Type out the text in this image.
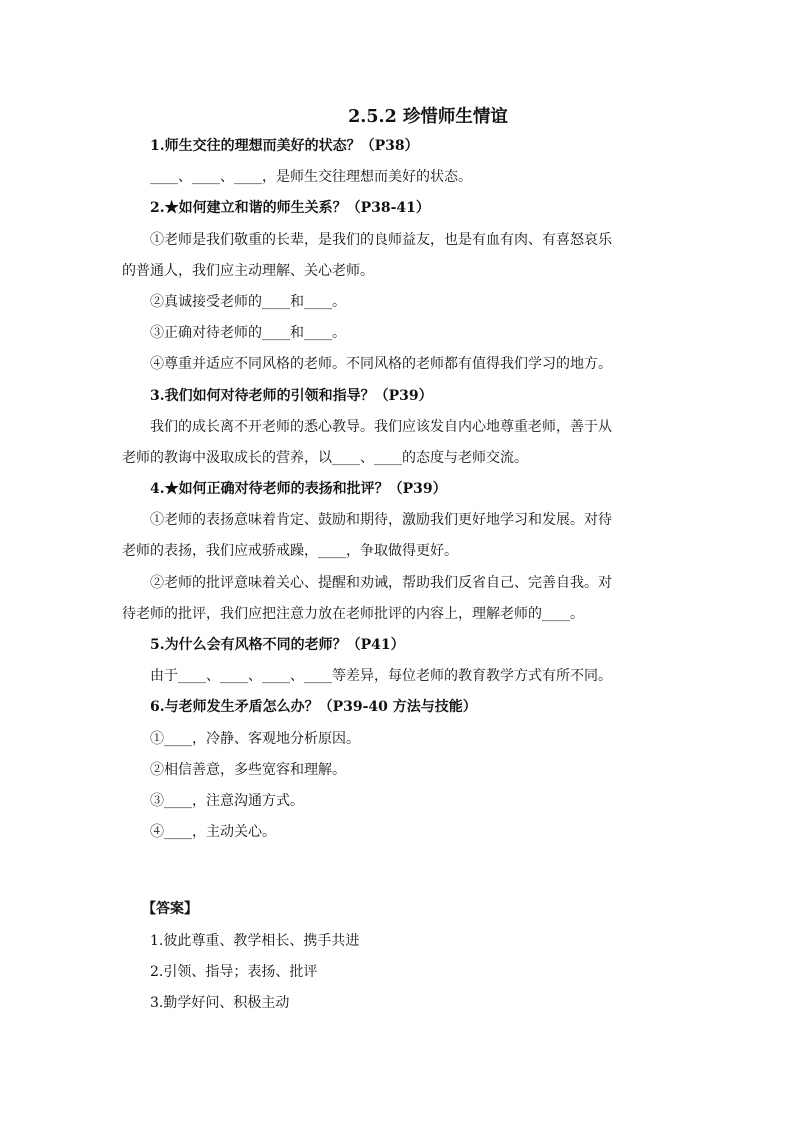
2.5.2 珍惜师生情谊
1.师生交往的理想而美好的状态？（P38）
____、____、____，是师生交往理想而美好的状态。
2.★如何建立和谐的师生关系？（P38-41）
①老师是我们敬重的长辈，是我们的良师益友，也是有血有肉、有喜怒哀乐
的普通人，我们应主动理解、关心老师。
②真诚接受老师的____和____。
③正确对待老师的____和____。
④尊重并适应不同风格的老师。不同风格的老师都有值得我们学习的地方。
3.我们如何对待老师的引领和指导？（P39）
我们的成长离不开老师的悉心教导。我们应该发自内心地尊重老师，善于从
老师的教诲中汲取成长的营养，以____、____的态度与老师交流。
4.★如何正确对待老师的表扬和批评？（P39）
①老师的表扬意味着肯定、鼓励和期待，激励我们更好地学习和发展。对待
老师的表扬，我们应戒骄戒躁，____，争取做得更好。
②老师的批评意味着关心、提醒和劝诫，帮助我们反省自己、完善自我。对
待老师的批评，我们应把注意力放在老师批评的内容上，理解老师的____。
5.为什么会有风格不同的老师？（P41）
由于____、____、____、____等差异，每位老师的教育教学方式有所不同。
6.与老师发生矛盾怎么办？（P39-40 方法与技能）
①____，冷静、客观地分析原因。
②相信善意，多些宽容和理解。
③____，注意沟通方式。
④____，主动关心。
【答案】
1.彼此尊重、教学相长、携手共进
2.引领、指导；表扬、批评
3.勤学好问、积极主动
